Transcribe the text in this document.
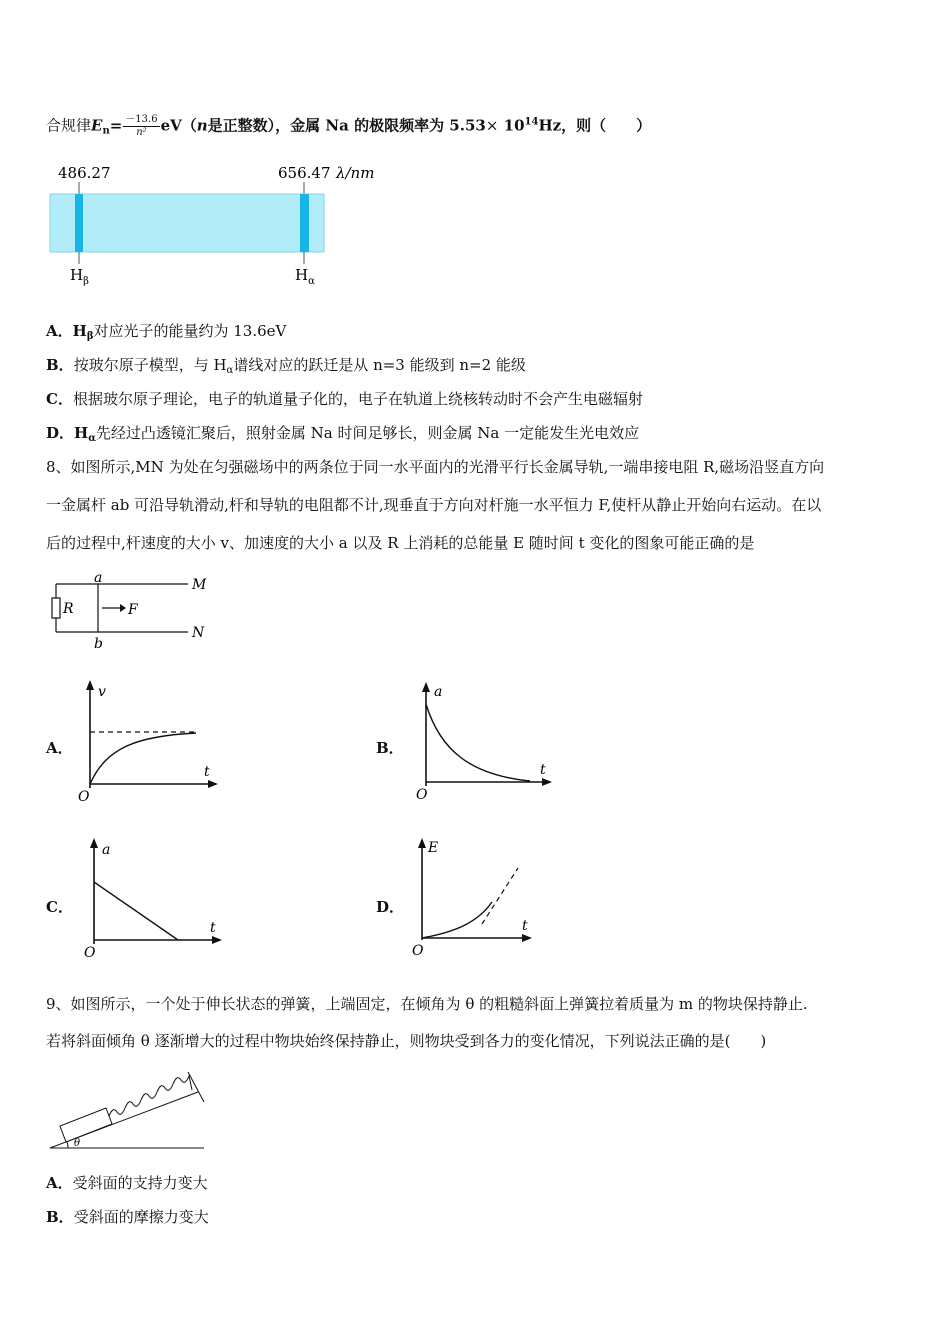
合规律$E_n= \frac{-13.6}{\text{n²}} eV(n$是正整数），金属 Na 的极限频率为 $5.53\times 10^{14}Hz$，则（　　）
486.27	656.47 λ/nm
$H_\beta$	$H_\alpha$
A．$H_\beta$对应光子的能量约为 13.6eV
B．按玻尔原子模型，与 $H_\alpha$谱线对应的跃迁是从 n=3 能级到 n=2 能级
C．根据玻尔原子理论，电子的轨道量子化的，电子在轨道上绕核转动时不会产生电磁辐射
D．$H_\alpha$先经过凸透镜汇聚后，照射金属 Na 时间足够长，则金属 Na 一定能发生光电效应
8、如图所示,MN 为处在匀强磁场中的两条位于同一水平面内的光滑平行长金属导轨,一端串接电阻 R,磁场沿竖直方向
一金属杆 ab 可沿导轨滑动,杆和导轨的电阻都不计,现垂直于方向对杆施一水平恒力 F,使杆从静止开始向右运动。在以
后的过程中,杆速度的大小 v、加速度的大小 a 以及 R 上消耗的总能量 E 随时间 t 变化的图象可能正确的是
a	M
N
R	F
b
A．
v
t
O
B．
a
t
O
C．
a
t
O
D．
E
t
O
9、如图所示，一个处于伸长状态的弹簧，上端固定，在倾角为 θ 的粗糙斜面上弹簧拉着质量为 m 的物块保持静止.
若将斜面倾角 θ 逐渐增大的过程中物块始终保持静止，则物块受到各力的变化情况，下列说法正确的是(　　)
θ
A．受斜面的支持力变大
B．受斜面的摩擦力变大
